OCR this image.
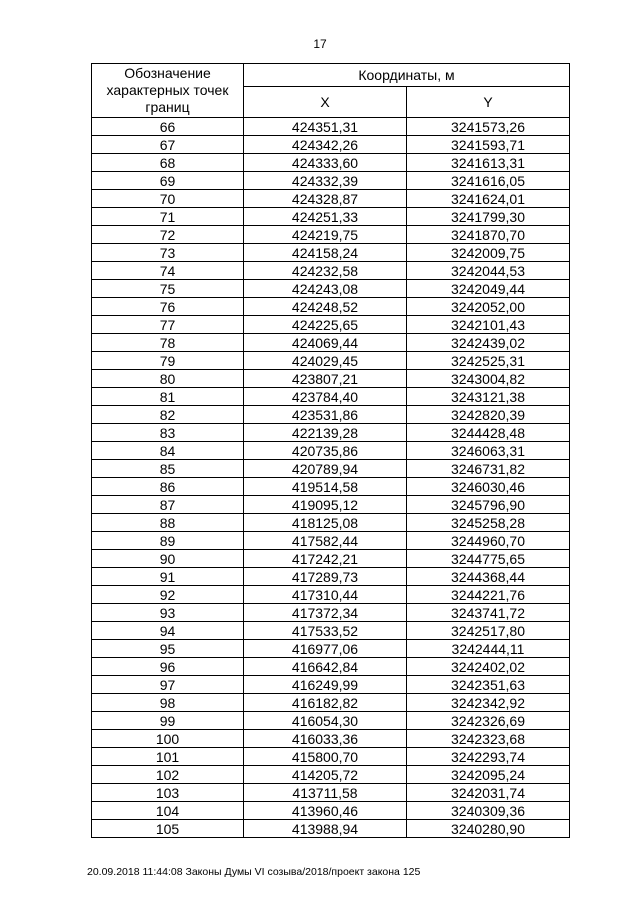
17
Обозначение характерных точек границ	Координаты, м	
	X	Y
66	424351,31	3241573,26
67	424342,26	3241593,71
68	424333,60	3241613,31
69	424332,39	3241616,05
70	424328,87	3241624,01
71	424251,33	3241799,30
72	424219,75	3241870,70
73	424158,24	3242009,75
74	424232,58	3242044,53
75	424243,08	3242049,44
76	424248,52	3242052,00
77	424225,65	3242101,43
78	424069,44	3242439,02
79	424029,45	3242525,31
80	423807,21	3243004,82
81	423784,40	3243121,38
82	423531,86	3242820,39
83	422139,28	3244428,48
84	420735,86	3246063,31
85	420789,94	3246731,82
86	419514,58	3246030,46
87	419095,12	3245796,90
88	418125,08	3245258,28
89	417582,44	3244960,70
90	417242,21	3244775,65
91	417289,73	3244368,44
92	417310,44	3244221,76
93	417372,34	3243741,72
94	417533,52	3242517,80
95	416977,06	3242444,11
96	416642,84	3242402,02
97	416249,99	3242351,63
98	416182,82	3242342,92
99	416054,30	3242326,69
100	416033,36	3242323,68
101	415800,70	3242293,74
102	414205,72	3242095,24
103	413711,58	3242031,74
104	413960,46	3240309,36
105	413988,94	3240280,90
20.09.2018 11:44:08 Законы Думы VI созыва/2018/проект закона 125
